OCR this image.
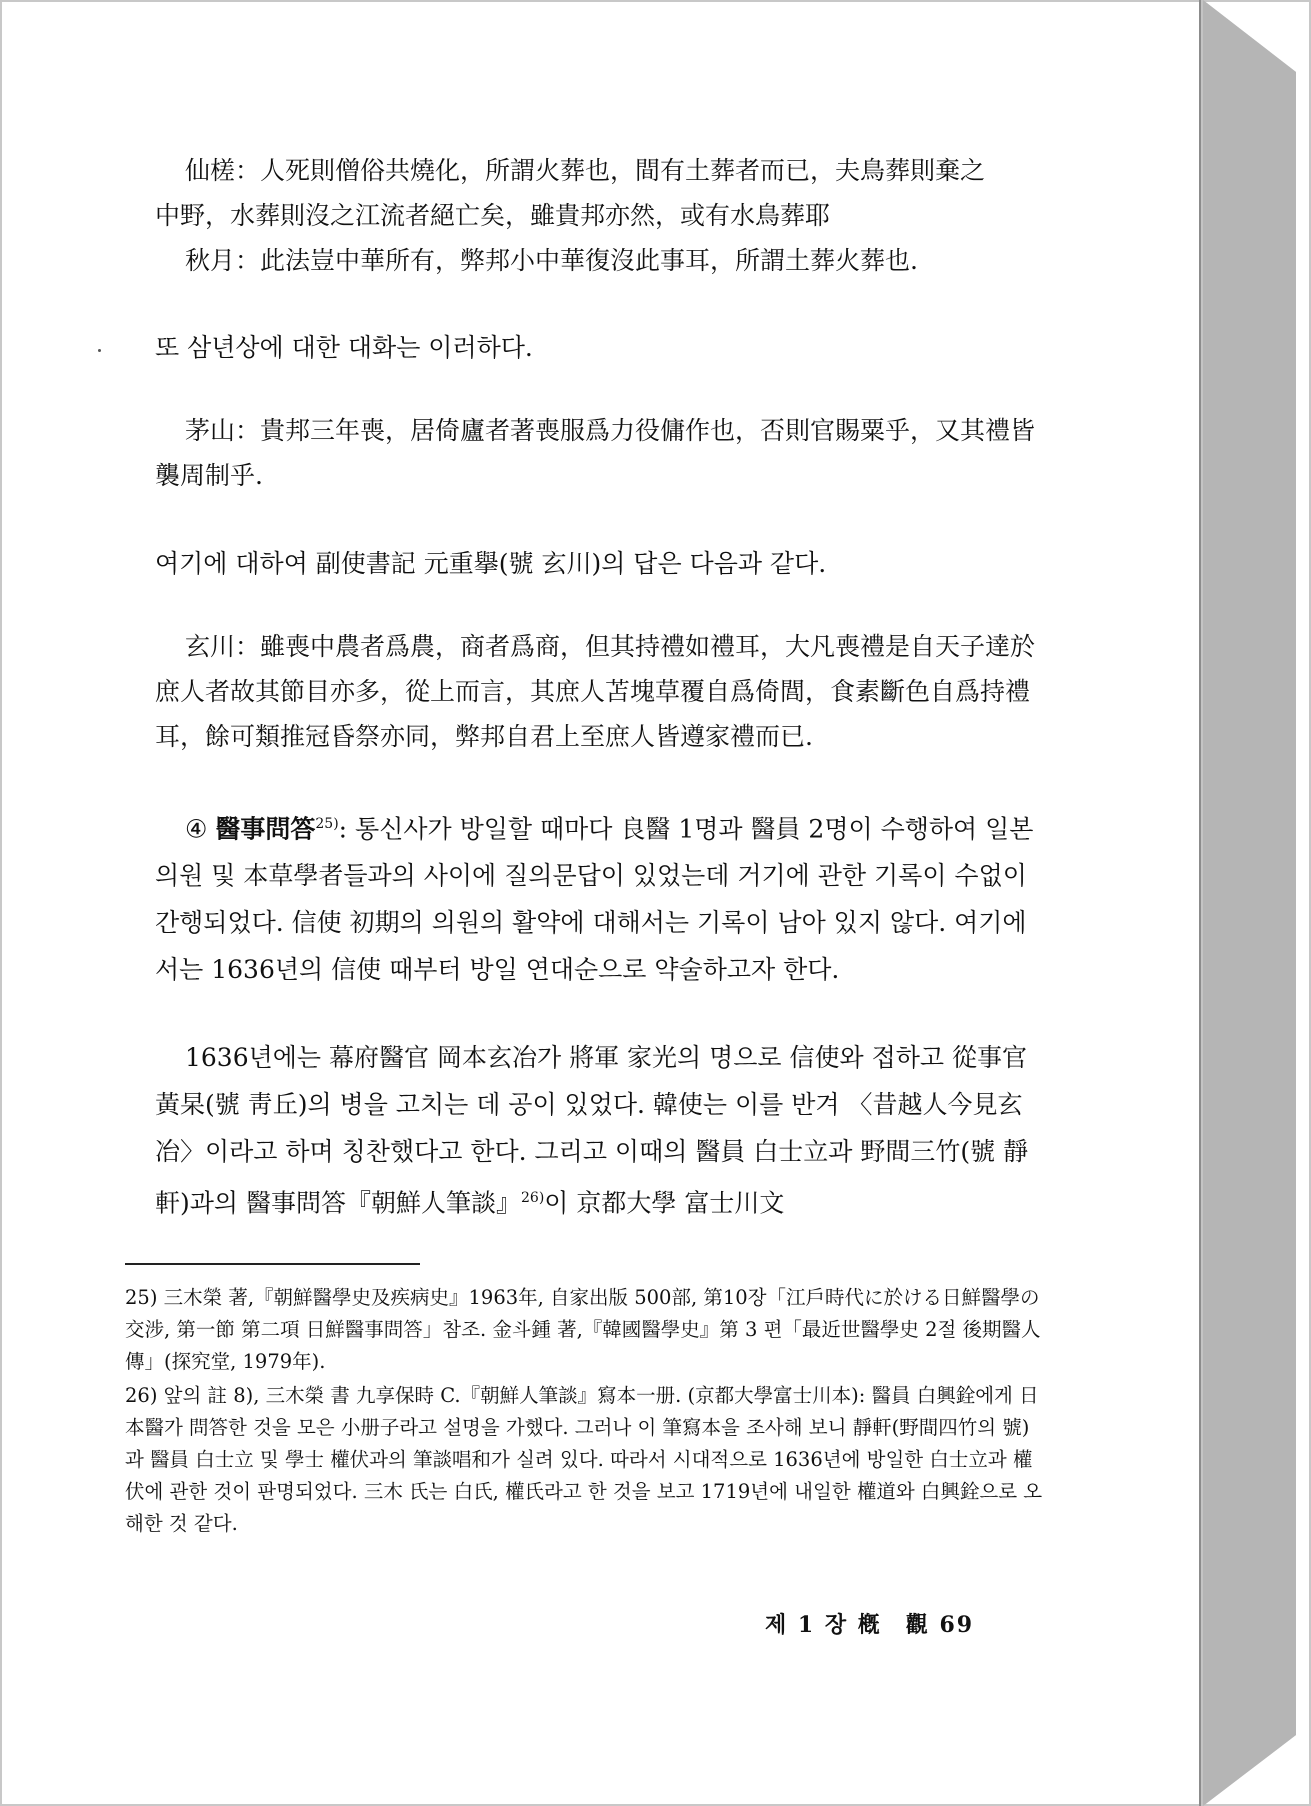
仙槎：人死則僧俗共燒化，所謂火葬也，間有土葬者而已，夫鳥葬則棄之

中野，水葬則沒之江流者絕亡矣，雖貴邦亦然，或有水鳥葬耶

秋月：此法豈中華所有，弊邦小中華復沒此事耳，所謂土葬火葬也.

또 삼년상에 대한 대화는 이러하다.

茅山：貴邦三年喪，居倚廬者著喪服爲力役傭作也，否則官賜粟乎，又其禮皆襲周制乎.

여기에 대하여 副使書記 元重擧(號 玄川)의 답은 다음과 같다.

玄川：雖喪中農者爲農，商者爲商，但其持禮如禮耳，大凡喪禮是自天子達於庶人者故其節目亦多，從上而言，其庶人苫塊草覆自爲倚閭，食素斷色自爲持禮耳，餘可類推冠昏祭亦同，弊邦自君上至庶人皆遵家禮而已.

④ 醫事問答$^{25)}$: 통신사가 방일할 때마다 良醫 1명과 醫員 2명이 수행하여 일본 의원 및 本草學者들과의 사이에 질의문답이 있었는데 거기에 관한 기록이 수없이 간행되었다. 信使 初期의 의원의 활약에 대해서는 기록이 남아 있지 않다. 여기에서는 1636년의 信使 때부터 방일 연대순으로 약술하고자 한다.

1636년에는 幕府醫官 岡本玄冶가 將軍 家光의 명으로 信使와 접하고 從事官 黃杲(號 靑丘)의 병을 고치는 데 공이 있었다. 韓使는 이를 반겨 〈昔越人今見玄冶〉이라고 하며 칭찬했다고 한다. 그리고 이때의 醫員 白士立과 野間三竹(號 靜軒)과의 醫事問答『朝鮮人筆談』$^{26)}$이 京都大學 富士川文

25) 三木榮 著,『朝鮮醫學史及疾病史』1963年, 自家出版 500部, 第10장「江戶時代に於ける日鮮醫學の交涉, 第一節 第二項 日鮮醫事問答」참조. 金斗鍾 著,『韓國醫學史』第 3 편「最近世醫學史 2절 後期醫人傳」(探究堂, 1979年).

26) 앞의 註 8), 三木榮 書 九享保時 C.『朝鮮人筆談』寫本一册. (京都大學富士川本): 醫員 白興銓에게 日本醫가 問答한 것을 모은 小册子라고 설명을 가했다. 그러나 이 筆寫本을 조사해 보니 靜軒(野間四竹의 號)과 醫員 白士立 및 學士 權伏과의 筆談唱和가 실려 있다. 따라서 시대적으로 1636년에 방일한 白士立과 權伏에 관한 것이 판명되었다. 三木 氏는 白氏, 權氏라고 한 것을 보고 1719년에 내일한 權道와 白興銓으로 오해한 것 같다.

제 1 장 槪　觀 69
